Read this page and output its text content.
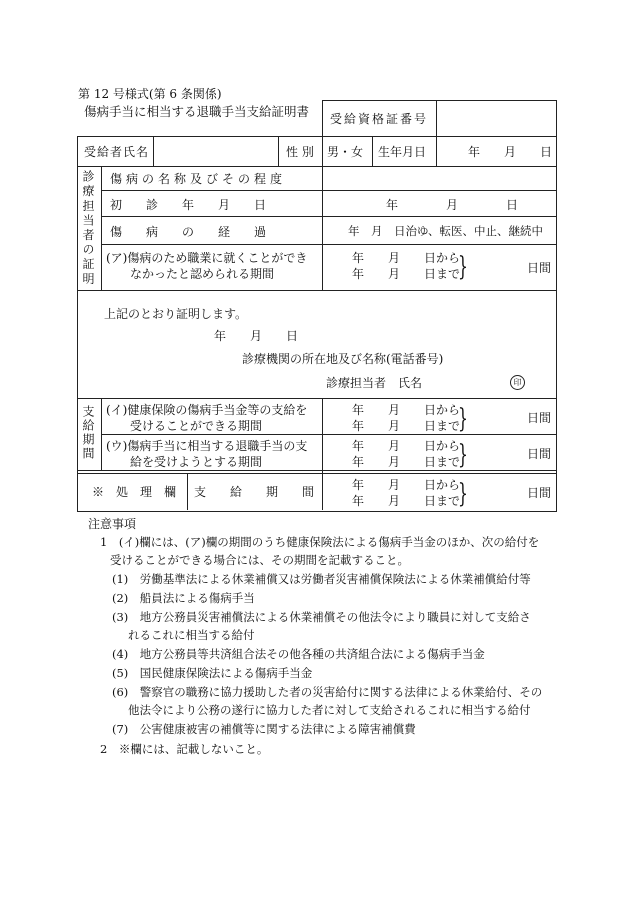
第 12 号様式(第 6 条関係)
傷病手当に相当する退職手当支給証明書 受給資格証番号
受給者氏名	性 別 男・女 生年月日	年　　月　　日
診療担当者の証明 傷病の名称及びその程度
初　　診　　年　　月　　日	年　　　　月　　　　日
傷　　病　　の　　経　　過	年　月　日治ゆ、転医、中止、継続中
(ア)傷病のため職業に就くことができ
なかったと認められる期間
年　　月　　日から
年　　月　　日まで
}	日間
上記のとおり証明します。
年　　月　　日
診療機関の所在地及び名称(電話番号)
診療担当者　氏名	印
支給期間 (イ)健康保険の傷病手当金等の支給を
受けることができる期間
年　　月　　日から
年　　月　　日まで
}	日間
(ウ)傷病手当に相当する退職手当の支
給を受けようとする期間
年　　月　　日から
年　　月　　日まで
}	日間
※　処　理　欄 支　　給　　期　　間	年　　月　　日から
年　　月　　日まで
}	日間
注意事項
1　(イ)欄には、(ア)欄の期間のうち健康保険法による傷病手当金のほか、次の給付を
受けることができる場合には、その期間を記載すること。
(1)　労働基準法による休業補償又は労働者災害補償保険法による休業補償給付等
(2)　船員法による傷病手当
(3)　地方公務員災害補償法による休業補償その他法令により職員に対して支給さ
れるこれに相当する給付
(4)　地方公務員等共済組合法その他各種の共済組合法による傷病手当金
(5)　国民健康保険法による傷病手当金
(6)　警察官の職務に協力援助した者の災害給付に関する法律による休業給付、その
他法令により公務の遂行に協力した者に対して支給されるこれに相当する給付
(7)　公害健康被害の補償等に関する法律による障害補償費
2　※欄には、記載しないこと。
